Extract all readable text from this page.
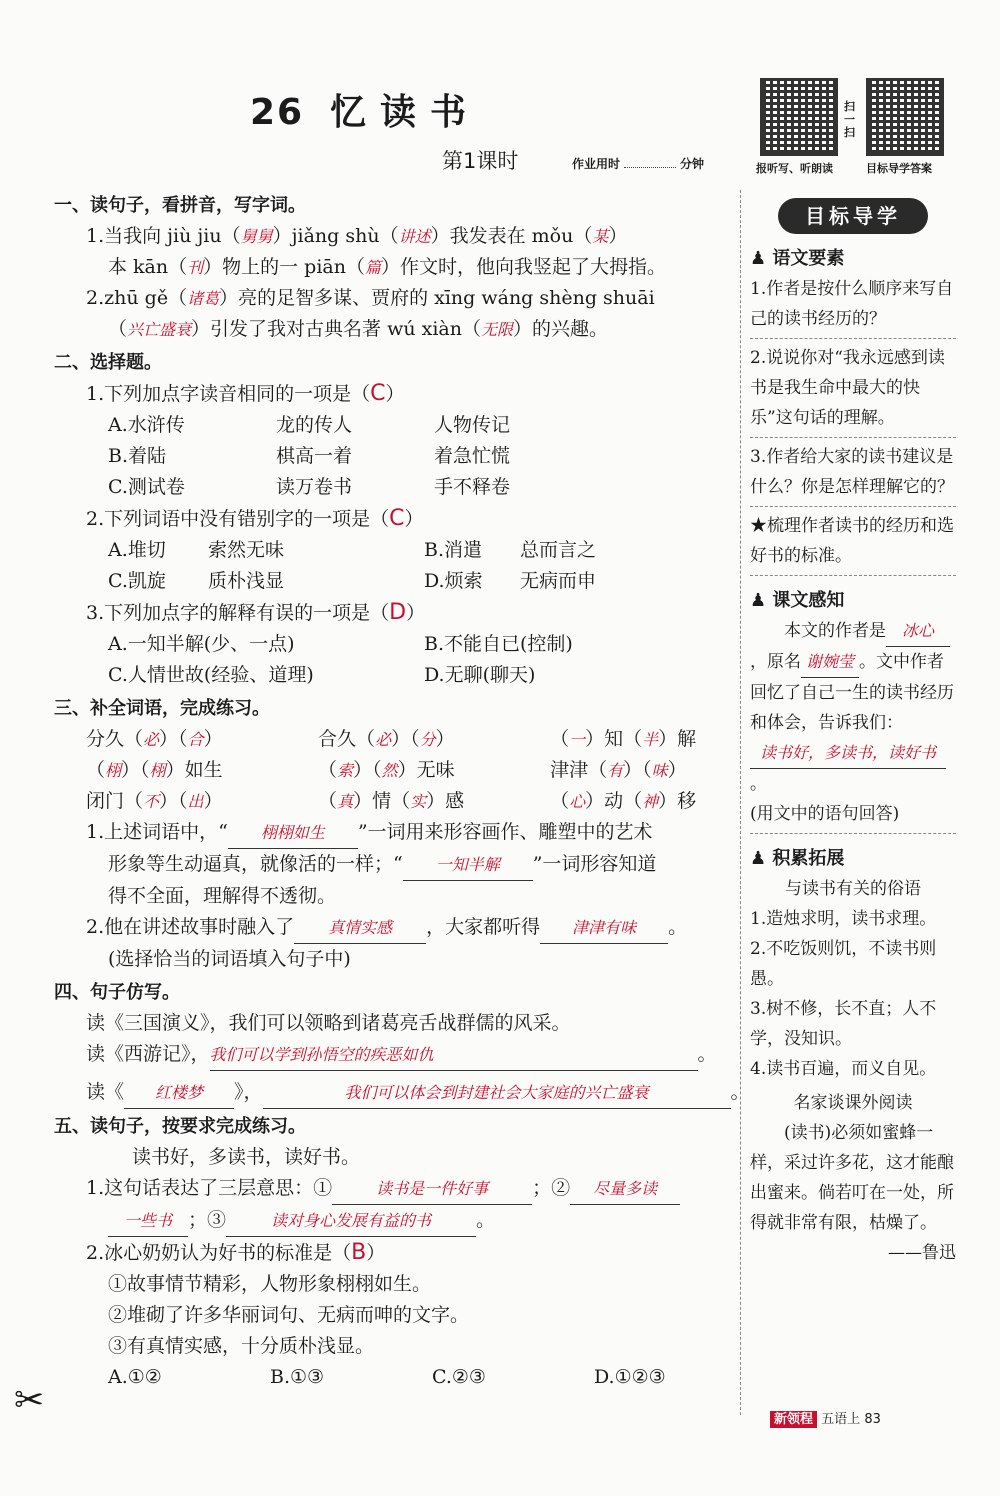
26 忆读书
第1课时	作业用时	分钟
扫一扫
报听写、听朗读	目标导学答案
一、读句子，看拼音，写字词。
1.当我向 jiù jiu（舅舅）jiǎng shù（讲述）我发表在 mǒu（某）
本 kān（刊）物上的一 piān（篇）作文时，他向我竖起了大拇指。
2.zhū gě（诸葛）亮的足智多谋、贾府的 xīng wáng shèng shuāi
（兴亡盛衰）引发了我对古典名著 wú xiàn（无限）的兴趣。
二、选择题。
1.下列加点字读音相同的一项是（C）
A.水浒传	龙的传人	人物传记
B.着陆	棋高一着	着急忙慌
C.测试卷	读万卷书	手不释卷
2.下列词语中没有错别字的一项是（C）
A.堆切 索然无味	B.消遣 总而言之
C.凯旋 质朴浅显	D.烦索 无病而申
3.下列加点字的解释有误的一项是（D）
A.一知半解(少、一点)	B.不能自已(控制)
C.人情世故(经验、道理)	D.无聊(聊天)
三、补全词语，完成练习。
分久（必）（合）	合久（必）（分）	（一）知（半）解
（栩）（栩）如生	（索）（然）无味	津津（有）（味）
闭门（不）（出）	（真）情（实）感	（心）动（神）移
1.上述词语中，“ 栩栩如生 ”一词用来形容画作、雕塑中的艺术
形象等生动逼真，就像活的一样；“ 一知半解 ”一词形容知道
得不全面，理解得不透彻。
2.他在讲述故事时融入了 真情实感 ，大家都听得 津津有味 。
(选择恰当的词语填入句子中)
四、句子仿写。
读《三国演义》，我们可以领略到诸葛亮舌战群儒的风采。
读《西游记》，我们可以学到孙悟空的疾恶如仇	。
读《 红楼梦 》，	我们可以体会到封建社会大家庭的兴亡盛衰	。
五、读句子，按要求完成练习。
读书好，多读书，读好书。
1.这句话表达了三层意思：①	读书是一件好事 ；② 尽量多读
一些书 ；③	读对身心发展有益的书 。
2.冰心奶奶认为好书的标准是（B）
①故事情节精彩，人物形象栩栩如生。
②堆砌了许多华丽词句、无病而呻的文字。
③有真情实感，十分质朴浅显。
A.①②	B.①③	C.②③	D.①②③
目标导学
♟ 语文要素
1.作者是按什么顺序来写自己的读书经历的？
2.说说你对“我永远感到读书是我生命中最大的快乐”这句话的理解。
3.作者给大家的读书建议是什么？你是怎样理解它的？
★梳理作者读书的经历和选好书的标准。
♟ 课文感知
本文的作者是 冰心，原名 谢婉莹 。文中作者回忆了自己一生的读书经历和体会，告诉我们：读书好，多读书，读好书。
(用文中的语句回答)
♟ 积累拓展
与读书有关的俗语
1.造烛求明，读书求理。
2.不吃饭则饥，不读书则愚。
3.树不修，长不直；人不学，没知识。
4.读书百遍，而义自见。
名家谈课外阅读
(读书)必须如蜜蜂一样，采过许多花，这才能酿出蜜来。倘若叮在一处，所得就非常有限，枯燥了。
——鲁迅
新领程 五语上 83
✂
